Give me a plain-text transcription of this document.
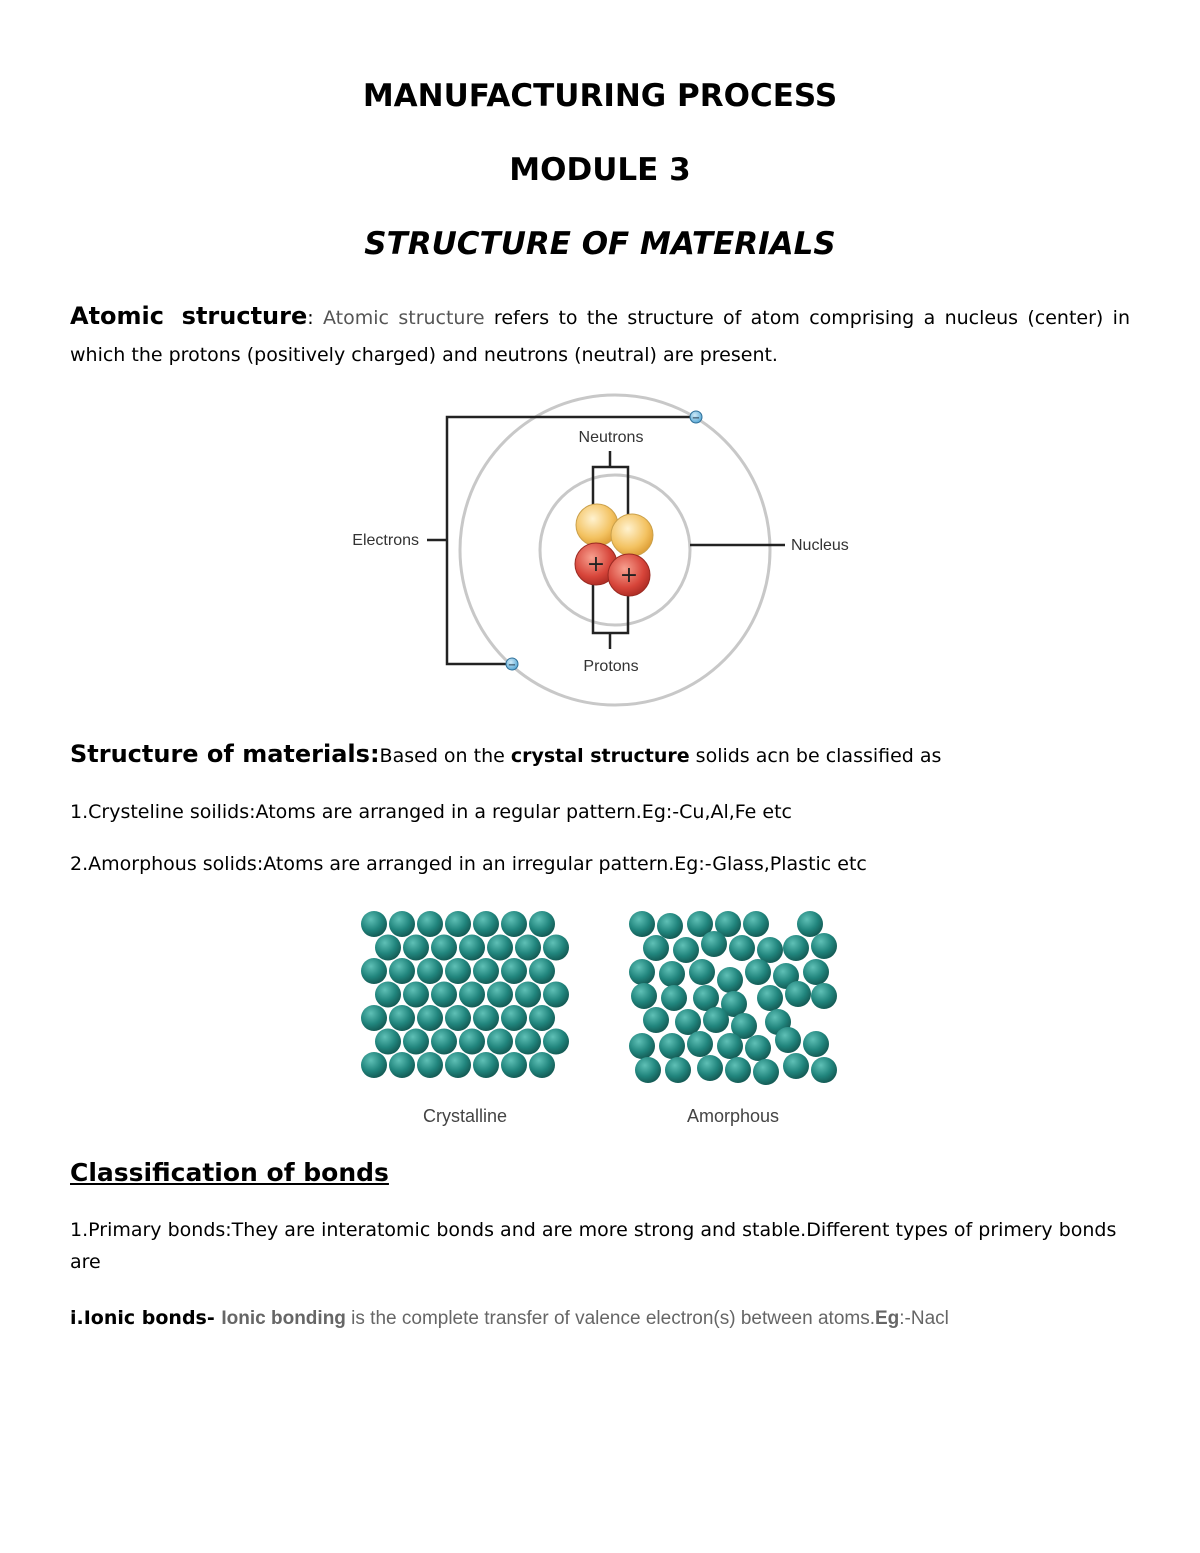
MANUFACTURING PROCESS
MODULE 3
STRUCTURE OF MATERIALS
Atomic structure: Atomic structure refers to the structure of atom comprising a nucleus (center) in which the protons (positively charged) and neutrons (neutral) are present.
+ +
−
−
Neutrons
Electrons	Nucleus
Protons
Structure of materials:Based on the crystal structure solids acn be classified as
1.Crysteline soilids:Atoms are arranged in a regular pattern.Eg:-Cu,Al,Fe etc
2.Amorphous solids:Atoms are arranged in an irregular pattern.Eg:-Glass,Plastic etc
Crystalline	Amorphous
Classification of bonds
1.Primary bonds:They are interatomic bonds and are more strong and stable.Different types of primery bonds are
i.Ionic bonds- Ionic bonding is the complete transfer of valence electron(s) between atoms.Eg:-Nacl
